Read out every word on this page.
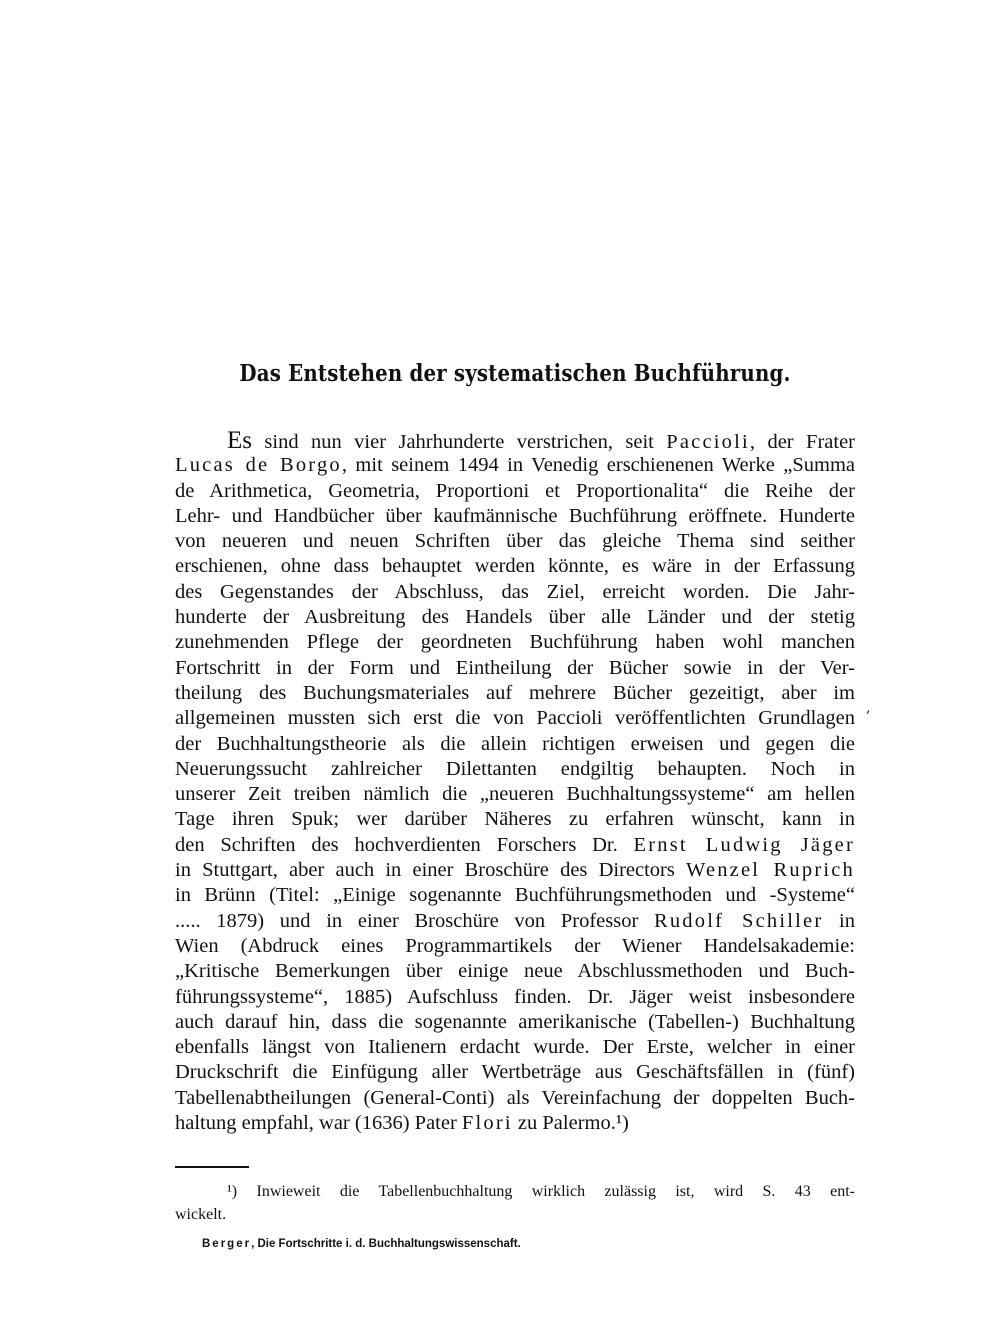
Das Entstehen der systematischen Buchführung.
Es sind nun vier Jahrhunderte verstrichen, seit Paccioli, der Frater
Lucas de Borgo, mit seinem 1494 in Venedig erschienenen Werke „Summa
de Arithmetica, Geometria, Proportioni et Proportionalita“ die Reihe der
Lehr- und Handbücher über kaufmännische Buchführung eröffnete. Hunderte
von neueren und neuen Schriften über das gleiche Thema sind seither
erschienen, ohne dass behauptet werden könnte, es wäre in der Erfassung
des Gegenstandes der Abschluss, das Ziel, erreicht worden. Die Jahr-
hunderte der Ausbreitung des Handels über alle Länder und der stetig
zunehmenden Pflege der geordneten Buchführung haben wohl manchen
Fortschritt in der Form und Eintheilung der Bücher sowie in der Ver-
theilung des Buchungsmateriales auf mehrere Bücher gezeitigt, aber im
allgemeinen mussten sich erst die von Paccioli veröffentlichten Grundlagen
der Buchhaltungstheorie als die allein richtigen erweisen und gegen die
Neuerungssucht zahlreicher Dilettanten endgiltig behaupten. Noch in
unserer Zeit treiben nämlich die „neueren Buchhaltungssysteme“ am hellen
Tage ihren Spuk; wer darüber Näheres zu erfahren wünscht, kann in
den Schriften des hochverdienten Forschers Dr. Ernst Ludwig Jäger
in Stuttgart, aber auch in einer Broschüre des Directors Wenzel Ruprich
in Brünn (Titel: „Einige sogenannte Buchführungsmethoden und -Systeme“
..... 1879) und in einer Broschüre von Professor Rudolf Schiller in
Wien (Abdruck eines Programmartikels der Wiener Handelsakademie:
„Kritische Bemerkungen über einige neue Abschlussmethoden und Buch-
führungssysteme“, 1885) Aufschluss finden. Dr. Jäger weist insbesondere
auch darauf hin, dass die sogenannte amerikanische (Tabellen-) Buchhaltung
ebenfalls längst von Italienern erdacht wurde. Der Erste, welcher in einer
Druckschrift die Einfügung aller Wertbeträge aus Geschäftsfällen in (fünf)
Tabellenabtheilungen (General-Conti) als Vereinfachung der doppelten Buch-
haltung empfahl, war (1636) Pater Flori zu Palermo.¹)
,
¹) Inwieweit die Tabellenbuchhaltung wirklich zulässig ist, wird S. 43 ent-
wickelt.
Berger, Die Fortschritte i. d. Buchhaltungswissenschaft.
